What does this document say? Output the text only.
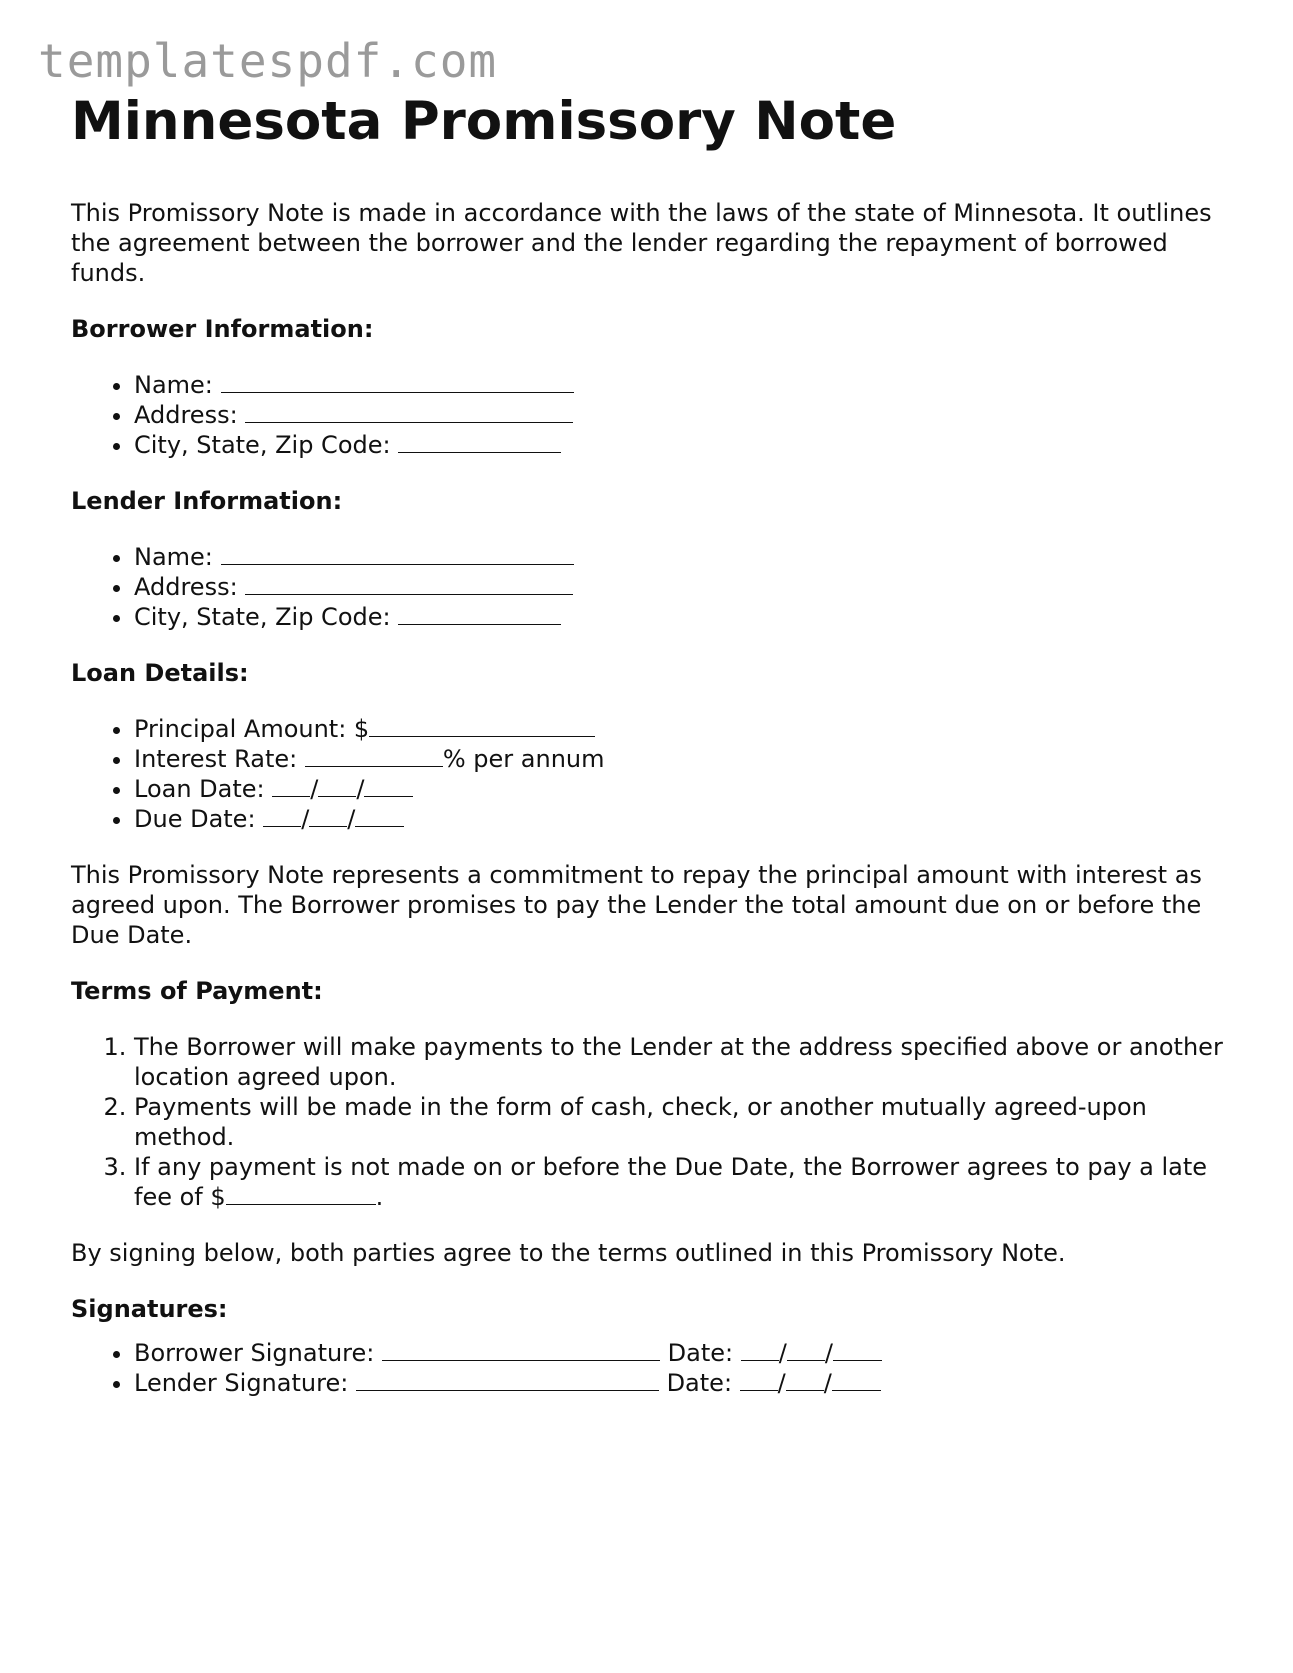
templatespdf.com
Minnesota Promissory Note

This Promissory Note is made in accordance with the laws of the state of Minnesota. It outlines the agreement between the borrower and the lender regarding the repayment of borrowed funds.

Borrower Information:
• Name:
• Address:
• City, State, Zip Code:
Lender Information:
• Name:
• Address:
• City, State, Zip Code:
Loan Details:
• Principal Amount: $
• Interest Rate:	% per annum
• Loan Date: / /
• Due Date: / /

This Promissory Note represents a commitment to repay the principal amount with interest as agreed upon. The Borrower promises to pay the Lender the total amount due on or before the Due Date.

Terms of Payment:
1. The Borrower will make payments to the Lender at the address specified above or another location agreed upon.
2. Payments will be made in the form of cash, check, or another mutually agreed-upon method.
3. If any payment is not made on or before the Due Date, the Borrower agrees to pay a late fee of $	.

By signing below, both parties agree to the terms outlined in this Promissory Note.

Signatures:
• Borrower Signature:	Date: / /
• Lender Signature:	Date: / /
